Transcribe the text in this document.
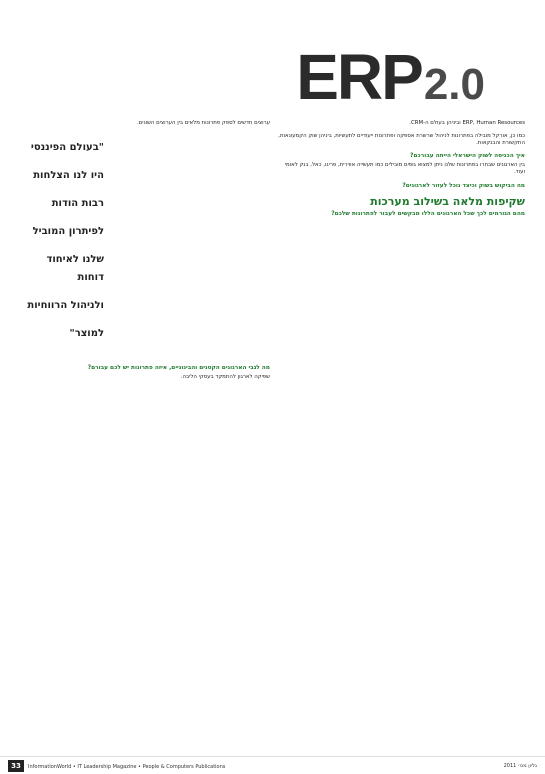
ERP2.0

ERP, Human Resources וביניהן בעולם ה-CRM.

כמו כן, אורקל מובילה בפתרונות לניהול שרשרת אספקה ופתרונות ייעודיים לתעשיות, ביניהן שוק הקמעונאות, התקשורת והבנקאות.

איך הכניסה לשוק הישראלי הייתה עבורכם?

בין הארגונים שבחרו בפתרונות שלנו ניתן למצוא גופים מובילים כמו תעשייה אווירית, פריגו, כאל, בנק לאומי ועוד.

מה הביקוש בשוק וכיצד נוכל לעזור לארגונים?
שקיפות מלאה בשילוב מערכות
מהם הגורמים לכך שכל הארגונים הללו מבקשים לעבור לפתרונות שלכם?

ערוצים חדשים לספק פתרונות מלאים בין הערוצים השונים.

"בעולם הפיננסי
היו לנו הצלחות
רבות הודות
לפיתרון המוביל
שלנו לאיחוד דוחות
ולניהול הרווחיות
למוצר"
מה לגבי הארגונים הקטנים והבינוניים, איזה פתרונות יש לכם עבורם?

שפיקה לארגון להתמקד בעסקי הליבה.

33 InformationWorld • IT Leadership Magazine • People & Computers Publications	גליון מס׳ 2011
